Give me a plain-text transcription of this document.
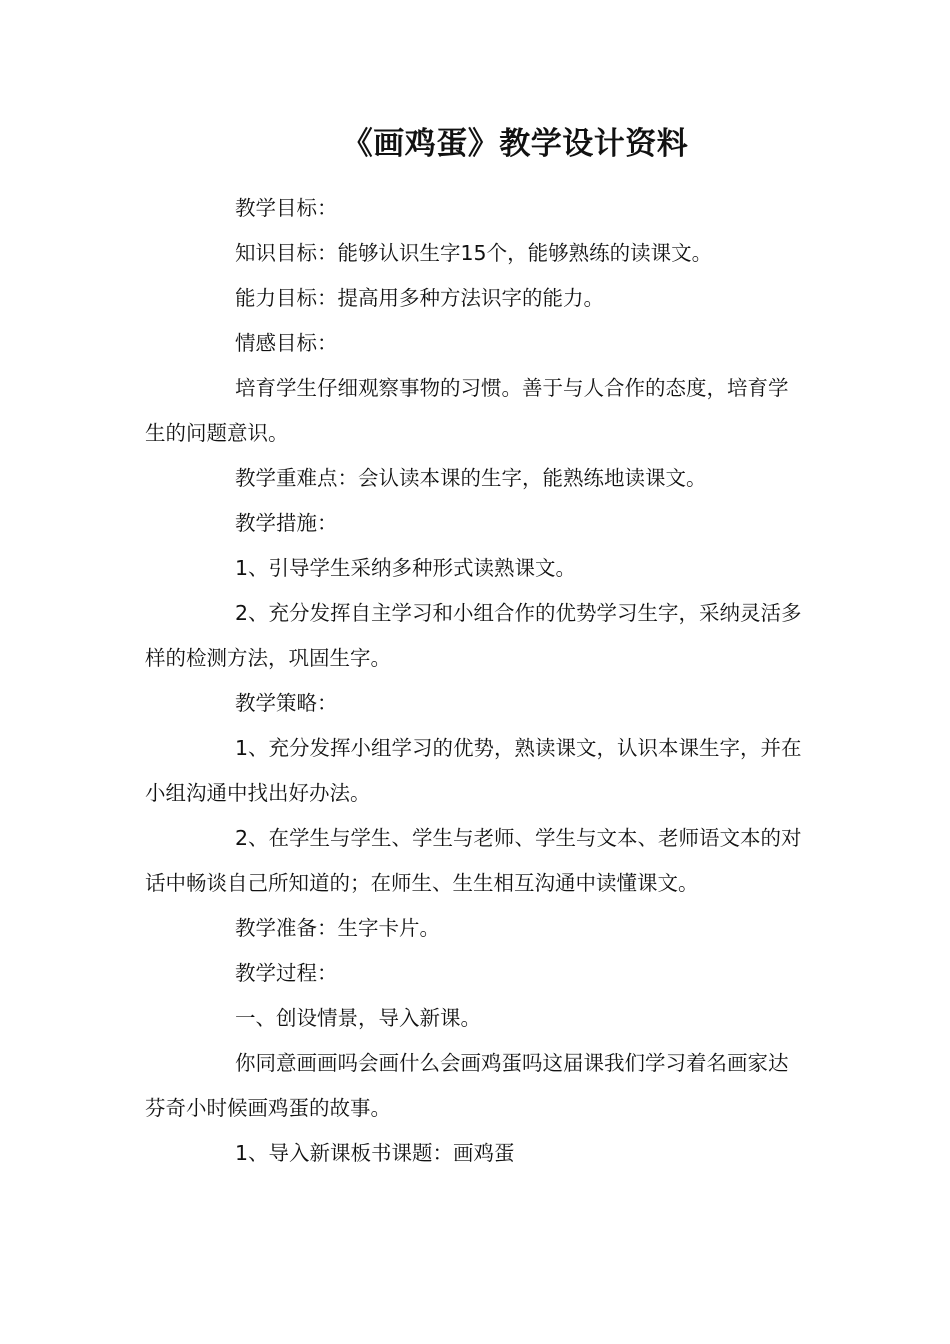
《画鸡蛋》教学设计资料

教学目标：

知识目标：能够认识生字15个，能够熟练的读课文。

能力目标：提高用多种方法识字的能力。

情感目标：

培育学生仔细观察事物的习惯。善于与人合作的态度，培育学生的问题意识。

教学重难点：会认读本课的生字，能熟练地读课文。

教学措施：

1、引导学生采纳多种形式读熟课文。

2、充分发挥自主学习和小组合作的优势学习生字，采纳灵活多样的检测方法，巩固生字。

教学策略：

1、充分发挥小组学习的优势，熟读课文，认识本课生字，并在小组沟通中找出好办法。

2、在学生与学生、学生与老师、学生与文本、老师语文本的对话中畅谈自己所知道的；在师生、生生相互沟通中读懂课文。

教学准备：生字卡片。

教学过程：

一、创设情景，导入新课。

你同意画画吗会画什么会画鸡蛋吗这届课我们学习着名画家达芬奇小时候画鸡蛋的故事。

1、导入新课板书课题：画鸡蛋
